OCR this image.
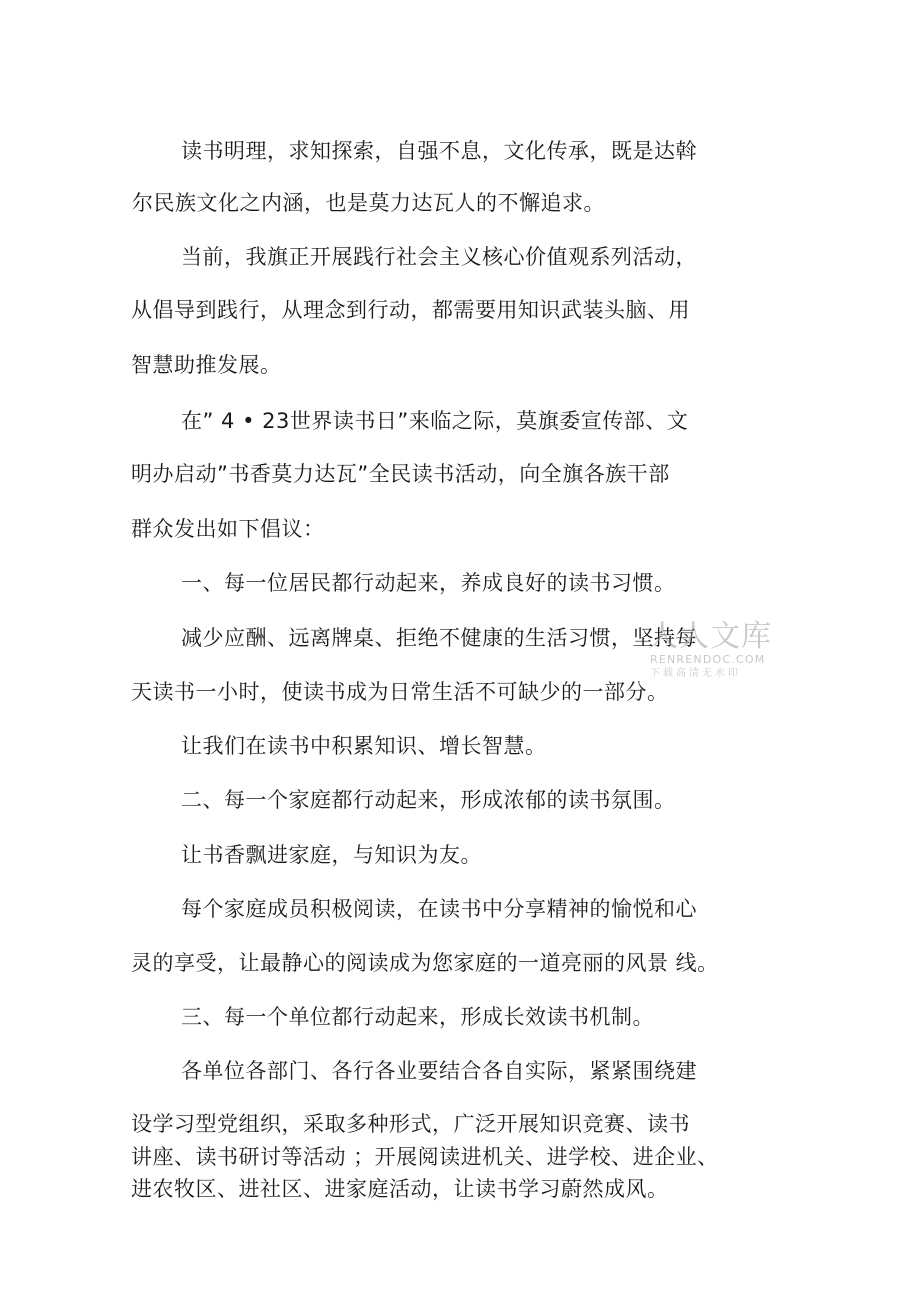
读书明理，求知探索，自强不息，文化传承，既是达斡
尔民族文化之内涵，也是莫力达瓦人的不懈追求。
当前，我旗正开展践行社会主义核心价值观系列活动，
从倡导到践行，从理念到行动，都需要用知识武装头脑、用
智慧助推发展。
在” 4 • 23世界读书日”来临之际，莫旗委宣传部、文
明办启动”书香莫力达瓦”全民读书活动，向全旗各族干部
群众发出如下倡议：
一、每一位居民都行动起来，养成良好的读书习惯。
减少应酬、远离牌桌、拒绝不健康的生活习惯，坚持每
天读书一小时，使读书成为日常生活不可缺少的一部分。
让我们在读书中积累知识、增长智慧。
二、每一个家庭都行动起来，形成浓郁的读书氛围。
让书香飘进家庭，与知识为友。
每个家庭成员积极阅读，在读书中分享精神的愉悦和心
灵的享受，让最静心的阅读成为您家庭的一道亮丽的风景 线。
三、每一个单位都行动起来，形成长效读书机制。
各单位各部门、各行各业要结合各自实际，紧紧围绕建
设学习型党组织，采取多种形式，广泛开展知识竞赛、读书
讲座、读书研讨等活动 ；开展阅读进机关、进学校、进企业、
进农牧区、进社区、进家庭活动，让读书学习蔚然成风。
人人文库
RENRENDOC.COM
下载高清无水印
